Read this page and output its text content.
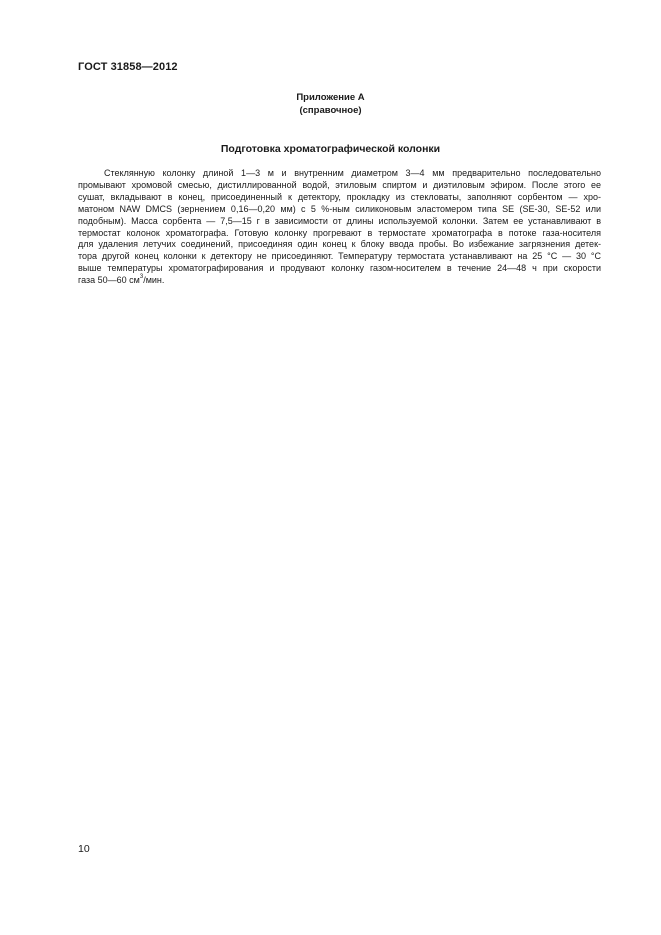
ГОСТ 31858—2012
Приложение А
(справочное)
Подготовка хроматографической колонки
Стеклянную колонку длиной 1—3 м и внутренним диаметром 3—4 мм предварительно последовательно
промывают хромовой смесью, дистиллированной водой, этиловым спиртом и диэтиловым эфиром. После этого ее
сушат, вкладывают в конец, присоединенный к детектору, прокладку из стекловаты, заполняют сорбентом — хро-
матоном NAW DMCS (зернением 0,16—0,20 мм) с 5 %-ным силиконовым эластомером типа SE (SE-30, SE-52 или
подобным). Масса сорбента — 7,5—15 г в зависимости от длины используемой колонки. Затем ее устанавливают в
термостат колонок хроматографа. Готовую колонку прогревают в термостате хроматографа в потоке газа-носителя
для удаления летучих соединений, присоединяя один конец к блоку ввода пробы. Во избежание загрязнения детек-
тора другой конец колонки к детектору не присоединяют. Температуру термостата устанавливают на 25 °С — 30 °С
выше температуры хроматографирования и продувают колонку газом-носителем в течение 24—48 ч при скорости
газа 50—60 $см^3$/мин.
10
